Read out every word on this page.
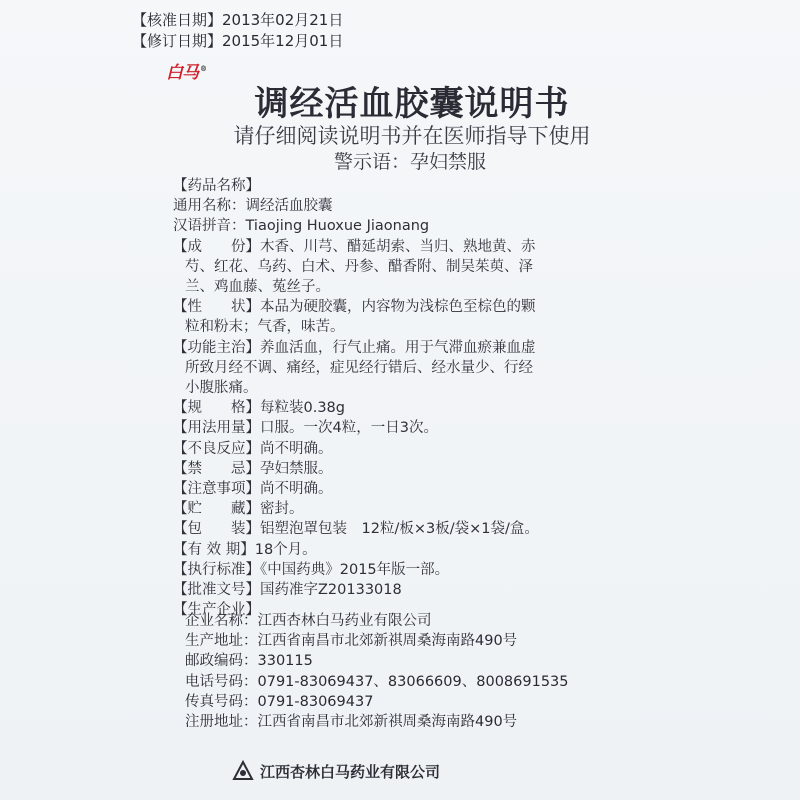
【核准日期】2013年02月21日
【修订日期】2015年12月01日
白马 ®
调经活血胶囊说明书
请仔细阅读说明书并在医师指导下使用
警示语：孕妇禁服
【药品名称】
通用名称：调经活血胶囊
汉语拼音：Tiaojing Huoxue Jiaonang
【成　　份】木香、川芎、醋延胡索、当归、熟地黄、赤
芍、红花、乌药、白术、丹参、醋香附、制吴茱萸、泽
兰、鸡血藤、菟丝子。
【性　　状】本品为硬胶囊，内容物为浅棕色至棕色的颗
粒和粉末；气香，味苦。
【功能主治】养血活血，行气止痛。用于气滞血瘀兼血虚
所致月经不调、痛经，症见经行错后、经水量少、行经
小腹胀痛。
【规　　格】每粒装0.38g
【用法用量】口服。一次4粒，一日3次。
【不良反应】尚不明确。
【禁　　忌】孕妇禁服。
【注意事项】尚不明确。
【贮　　藏】密封。
【包　　装】铝塑泡罩包装　12粒/板×3板/袋×1袋/盒。
【有 效 期】18个月。
【执行标准】《中国药典》2015年版一部。
【批准文号】国药准字Z20133018
【生产企业】
企业名称：江西杏林白马药业有限公司
生产地址：江西省南昌市北郊新祺周桑海南路490号
邮政编码：330115
电话号码：0791-83069437、83066609、8008691535
传真号码：0791-83069437
注册地址：江西省南昌市北郊新祺周桑海南路490号
江西杏林白马药业有限公司
